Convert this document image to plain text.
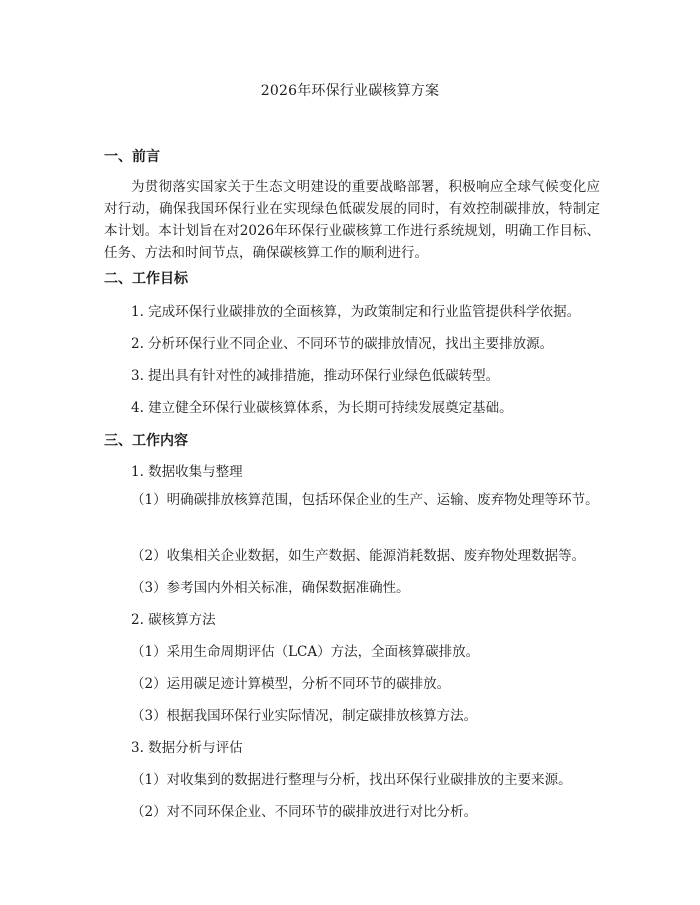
2026年环保行业碳核算方案
一、前言
为贯彻落实国家关于生态文明建设的重要战略部署，积极响应全球气候变化应对行动，确保我国环保行业在实现绿色低碳发展的同时，有效控制碳排放，特制定本计划。本计划旨在对2026年环保行业碳核算工作进行系统规划，明确工作目标、任务、方法和时间节点，确保碳核算工作的顺利进行。
二、工作目标
1. 完成环保行业碳排放的全面核算，为政策制定和行业监管提供科学依据。
2. 分析环保行业不同企业、不同环节的碳排放情况，找出主要排放源。
3. 提出具有针对性的减排措施，推动环保行业绿色低碳转型。
4. 建立健全环保行业碳核算体系，为长期可持续发展奠定基础。
三、工作内容
1. 数据收集与整理
（1）明确碳排放核算范围，包括环保企业的生产、运输、废弃物处理等环节。
（2）收集相关企业数据，如生产数据、能源消耗数据、废弃物处理数据等。
（3）参考国内外相关标准，确保数据准确性。
2. 碳核算方法
（1）采用生命周期评估（LCA）方法，全面核算碳排放。
（2）运用碳足迹计算模型，分析不同环节的碳排放。
（3）根据我国环保行业实际情况，制定碳排放核算方法。
3. 数据分析与评估
（1）对收集到的数据进行整理与分析，找出环保行业碳排放的主要来源。
（2）对不同环保企业、不同环节的碳排放进行对比分析。
